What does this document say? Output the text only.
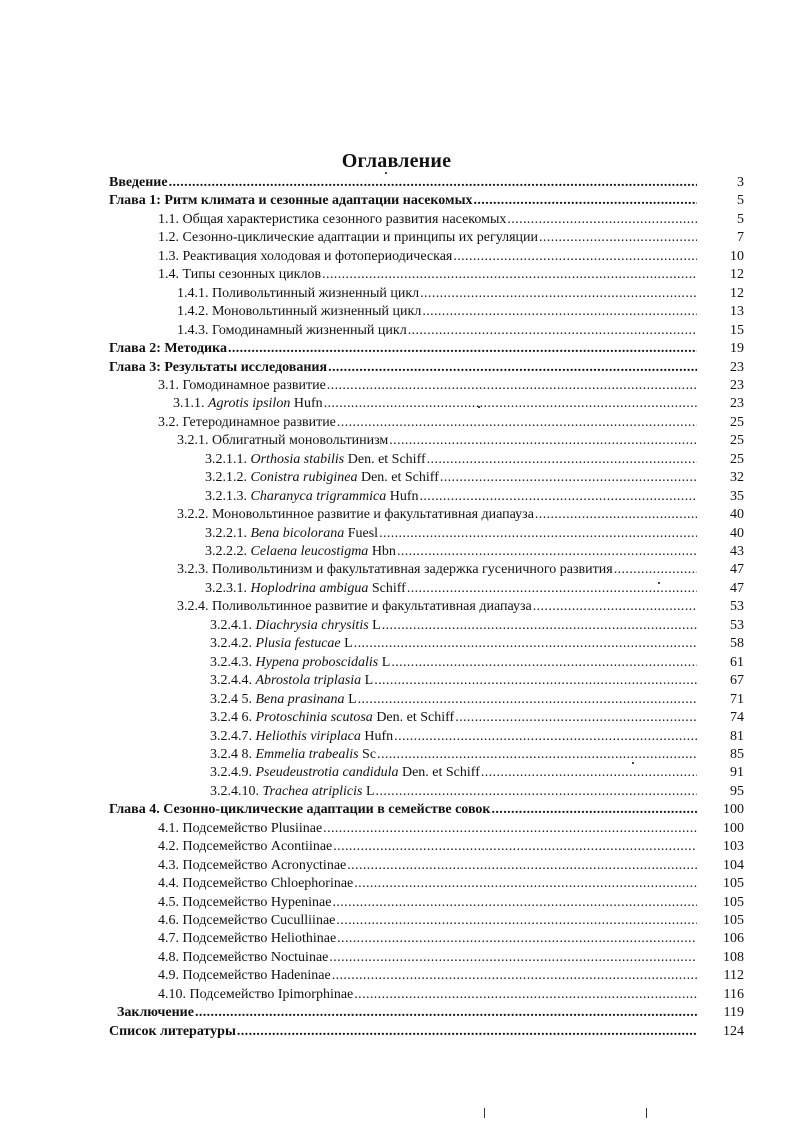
Оглавление
Введение .....	3
Глава 1: Ритм климата и сезонные адаптации насекомых .....	5
1.1. Общая характеристика сезонного развития насекомых .....	5
1.2. Сезонно-циклические адаптации и принципы их регуляции .....	7
1.3. Реактивация холодовая и фотопериодическая .....	10
1.4. Типы сезонных циклов .....	12
1.4.1. Поливольтинный жизненный цикл .....	12
1.4.2. Моновольтинный жизненный цикл .....	13
1.4.3. Гомодинамный жизненный цикл .....	15
Глава 2: Методика .....	19
Глава 3: Результаты исследования .....	23
3.1. Гомодинамное развитие .....	23
3.1.1. Agrotis ipsilon Hufn .....	23
3.2. Гетеродинамное развитие .....	25
3.2.1. Облигатный моновольтинизм .....	25
3.2.1.1. Orthosia stabilis Den. et Schiff .....	25
3.2.1.2. Conistra rubiginea Den. et Schiff .....	32
3.2.1.3. Charanyca trigrammica Hufn .....	35
3.2.2. Моновольтинное развитие и факультативная диапауза .....	40
3.2.2.1. Bena bicolorana Fuesl .....	40
3.2.2.2. Celaena leucostigma Hbn .....	43
3.2.3. Поливольтинизм и факультативная задержка гусеничного развития .....	47
3.2.3.1. Hoplodrina ambigua Schiff .....	47
3.2.4. Поливольтинное развитие и факультативная диапауза .....	53
3.2.4.1. Diachrysia chrysitis L .....	53
3.2.4.2. Plusia festucae L .....	58
3.2.4.3. Hypena proboscidalis L .....	61
3.2.4.4. Abrostola triplasia L .....	67
3.2.4 5. Bena prasinana L .....	71
3.2.4 6. Protoschinia scutosa Den. et Schiff .....	74
3.2.4.7. Heliothis viriplaca Hufn .....	81
3.2.4 8. Emmelia trabealis Sc .....	85
3.2.4.9. Pseudeustrotia candidula Den. et Schiff .....	91
3.2.4.10. Trachea atriplicis L .....	95
Глава 4. Сезонно-циклические адаптации в семействе совок .....	100
4.1. Подсемейство Plusiinae .....	100
4.2. Подсемейство Acontiinae .....	103
4.3. Подсемейство Acronyctinae .....	104
4.4. Подсемейство Chloephorinae .....	105
4.5. Подсемейство Hypeninae .....	105
4.6. Подсемейство Cuculliinae .....	105
4.7. Подсемейство Heliothinae .....	106
4.8. Подсемейство Noctuinae .....	108
4.9. Подсемейство Hadeninae .....	112
4.10. Подсемейство Ipimorphinae .....	116
Заключение .....	119
Список литературы .....	124
